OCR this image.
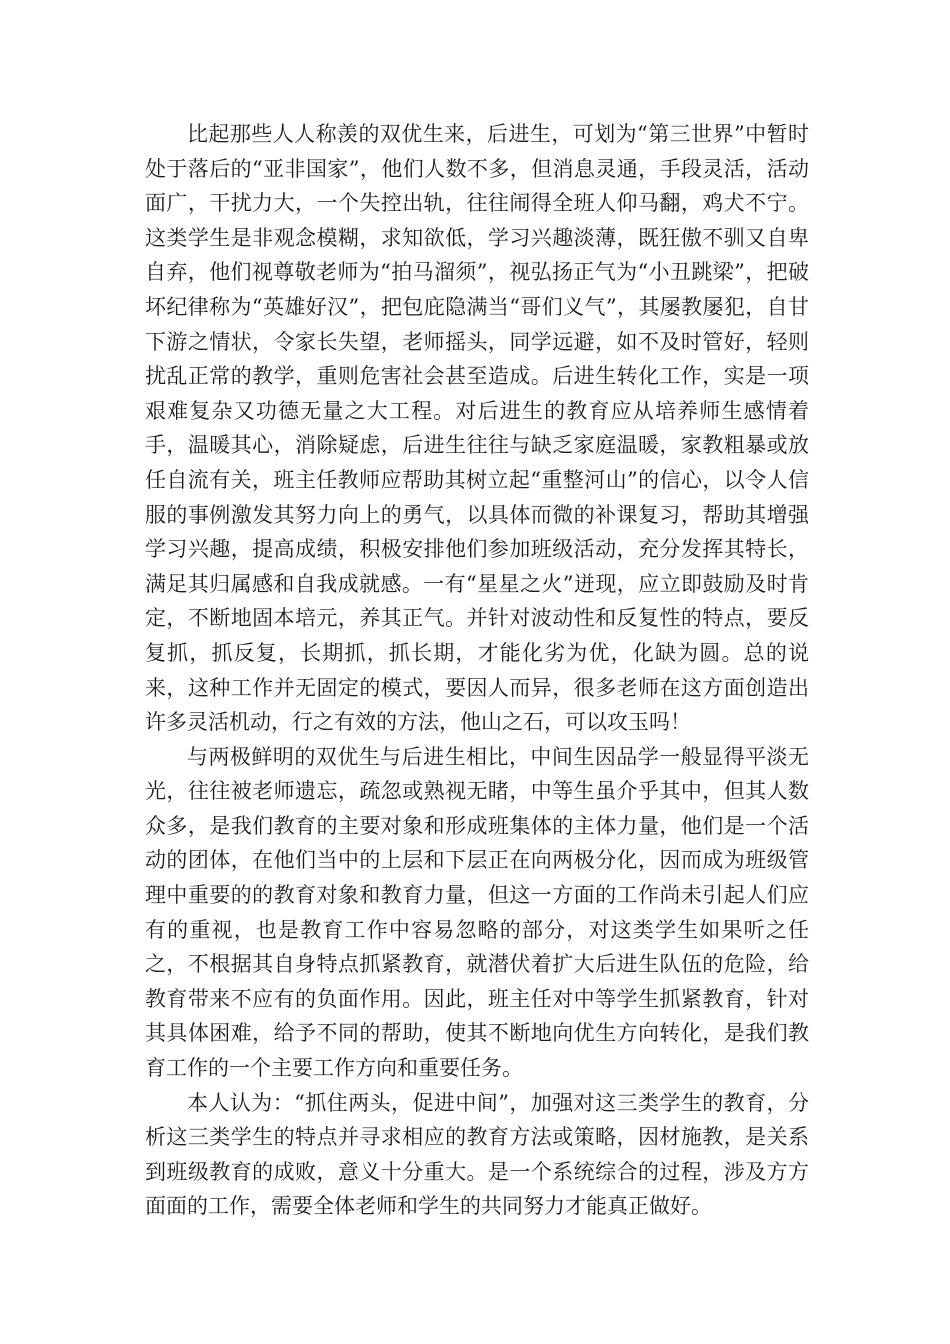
比起那些人人称羡的双优生来，后进生，可划为“第三世界”中暂时处于落后的“亚非国家”，他们人数不多，但消息灵通，手段灵活，活动面广，干扰力大，一个失控出轨，往往闹得全班人仰马翻，鸡犬不宁。这类学生是非观念模糊，求知欲低，学习兴趣淡薄，既狂傲不驯又自卑自弃，他们视尊敬老师为“拍马溜须”，视弘扬正气为“小丑跳梁”，把破坏纪律称为“英雄好汉”，把包庇隐满当“哥们义气”，其屡教屡犯，自甘下游之情状，令家长失望，老师摇头，同学远避，如不及时管好，轻则扰乱正常的教学，重则危害社会甚至造成。后进生转化工作，实是一项艰难复杂又功德无量之大工程。对后进生的教育应从培养师生感情着手，温暖其心，消除疑虑，后进生往往与缺乏家庭温暖，家教粗暴或放任自流有关，班主任教师应帮助其树立起“重整河山”的信心，以令人信服的事例激发其努力向上的勇气，以具体而微的补课复习，帮助其增强学习兴趣，提高成绩，积极安排他们参加班级活动，充分发挥其特长，满足其归属感和自我成就感。一有“星星之火”迸现，应立即鼓励及时肯定，不断地固本培元，养其正气。并针对波动性和反复性的特点，要反复抓，抓反复，长期抓，抓长期，才能化劣为优，化缺为圆。总的说来，这种工作并无固定的模式，要因人而异，很多老师在这方面创造出许多灵活机动，行之有效的方法，他山之石，可以攻玉吗！

与两极鲜明的双优生与后进生相比，中间生因品学一般显得平淡无光，往往被老师遗忘，疏忽或熟视无睹，中等生虽介乎其中，但其人数众多，是我们教育的主要对象和形成班集体的主体力量，他们是一个活动的团体，在他们当中的上层和下层正在向两极分化，因而成为班级管理中重要的的教育对象和教育力量，但这一方面的工作尚未引起人们应有的重视，也是教育工作中容易忽略的部分，对这类学生如果听之任之，不根据其自身特点抓紧教育，就潜伏着扩大后进生队伍的危险，给教育带来不应有的负面作用。因此，班主任对中等学生抓紧教育，针对其具体困难，给予不同的帮助，使其不断地向优生方向转化，是我们教育工作的一个主要工作方向和重要任务。

本人认为：“抓住两头，促进中间”，加强对这三类学生的教育，分析这三类学生的特点并寻求相应的教育方法或策略，因材施教，是关系到班级教育的成败，意义十分重大。是一个系统综合的过程，涉及方方面面的工作，需要全体老师和学生的共同努力才能真正做好。
